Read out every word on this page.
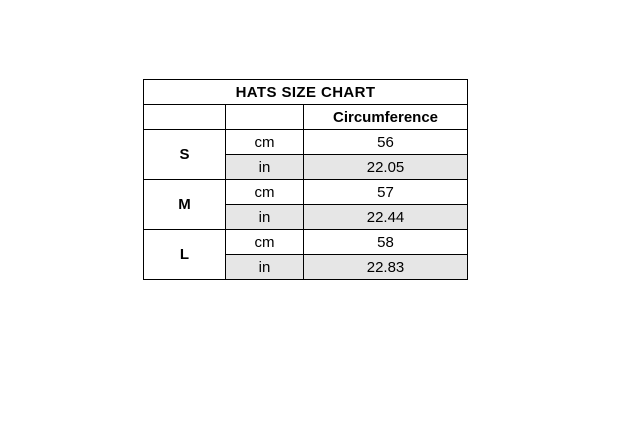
HATS SIZE CHART		
		Circumference
S	cm	56
	in	22.05
M	cm	57
	in	22.44
L	cm	58
	in	22.83
